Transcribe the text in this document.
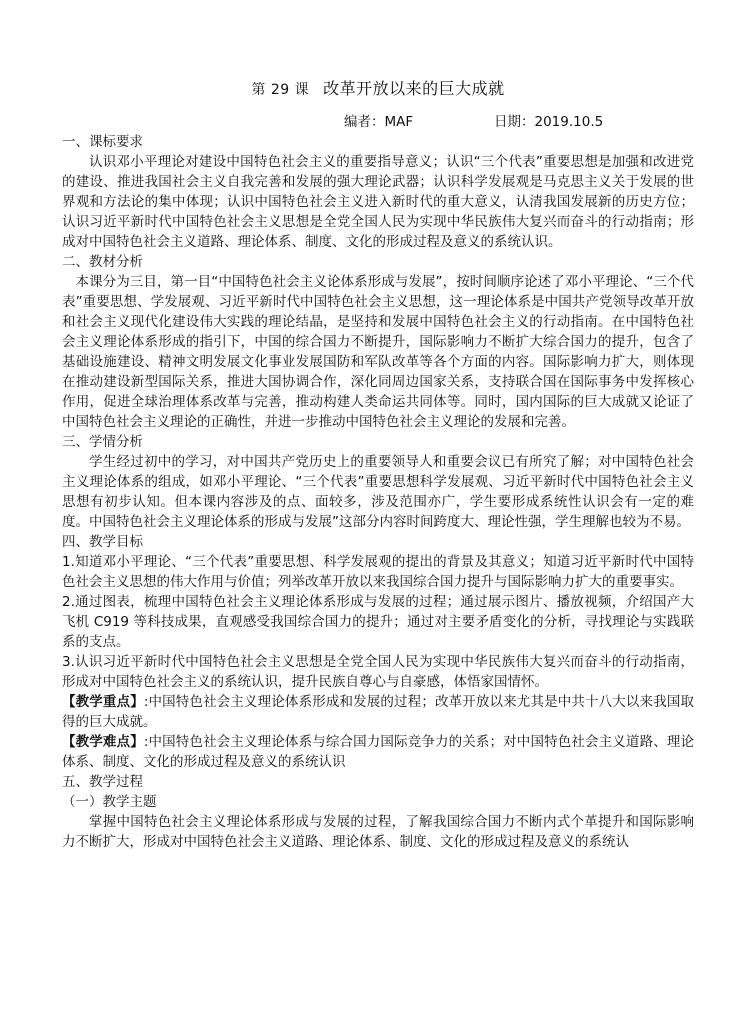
第 29 课 改革开放以来的巨大成就
编者：MAF	日期：2019.10.5

一、课标要求

认识邓小平理论对建设中国特色社会主义的重要指导意义；认识“三个代表”重要思想是加强和改进党的建设、推进我国社会主义自我完善和发展的强大理论武器；认识科学发展观是马克思主义关于发展的世界观和方法论的集中体现；认识中国特色社会主义进入新时代的重大意义，认清我国发展新的历史方位；认识习近平新时代中国特色社会主义思想是全党全国人民为实现中华民族伟大复兴而奋斗的行动指南；形成对中国特色社会主义道路、理论体系、制度、文化的形成过程及意义的系统认识。

二、教材分析

本课分为三目，第一目“中国特色社会主义论体系形成与发展”，按时间顺序论述了邓小平理论、“三个代表”重要思想、学发展观、习近平新时代中国特色社会主义思想，这一理论体系是中国共产党领导改革开放和社会主义现代化建设伟大实践的理论结晶，是坚持和发展中国特色社会主义的行动指南。在中国特色社会主义理论体系形成的指引下，中国的综合国力不断提升，国际影响力不断扩大综合国力的提升，包含了基础设施建设、精神文明发展文化事业发展国防和军队改革等各个方面的内容。国际影响力扩大，则体现在推动建设新型国际关系，推进大国协调合作，深化同周边国家关系，支持联合国在国际事务中发挥核心作用，促进全球治理体系改革与完善，推动构建人类命运共同体等。同时，国内国际的巨大成就又论证了中国特色社会主义理论的正确性，并进一步推动中国特色社会主义理论的发展和完善。

三、学情分析

学生经过初中的学习，对中国共产党历史上的重要领导人和重要会议已有所究了解；对中国特色社会主义理论体系的组成，如邓小平理论、“三个代表”重要思想科学发展观、习近平新时代中国特色社会主义思想有初步认知。但本课内容涉及的点、面较多，涉及范围亦广，学生要形成系统性认识会有一定的难度。中国特色社会主义理论体系的形成与发展”这部分内容时间跨度大、理论性强，学生理解也较为不易。

四、教学目标

1.知道邓小平理论、“三个代表”重要思想、科学发展观的提出的背景及其意义；知道习近平新时代中国特色社会主义思想的伟大作用与价值；列举改革开放以来我国综合国力提升与国际影响力扩大的重要事实。

2.通过图表，梳理中国特色社会主义理论体系形成与发展的过程；通过展示图片、播放视频，介绍国产大飞机 C919 等科技成果，直观感受我国综合国力的提升；通过对主要矛盾变化的分析，寻找理论与实践联系的支点。

3.认识习近平新时代中国特色社会主义思想是全党全国人民为实现中华民族伟大复兴而奋斗的行动指南，形成对中国特色社会主义的系统认识，提升民族自尊心与自豪感，体悟家国情怀。

【教学重点】:中国特色社会主义理论体系形成和发展的过程；改革开放以来尤其是中共十八大以来我国取得的巨大成就。

【教学难点】:中国特色社会主义理论体系与综合国力国际竞争力的关系；对中国特色社会主义道路、理论体系、制度、文化的形成过程及意义的系统认识

五、教学过程

（一）教学主题

掌握中国特色社会主义理论体系形成与发展的过程，了解我国综合国力不断内式个革提升和国际影响力不断扩大，形成对中国特色社会主义道路、理论体系、制度、文化的形成过程及意义的系统认
